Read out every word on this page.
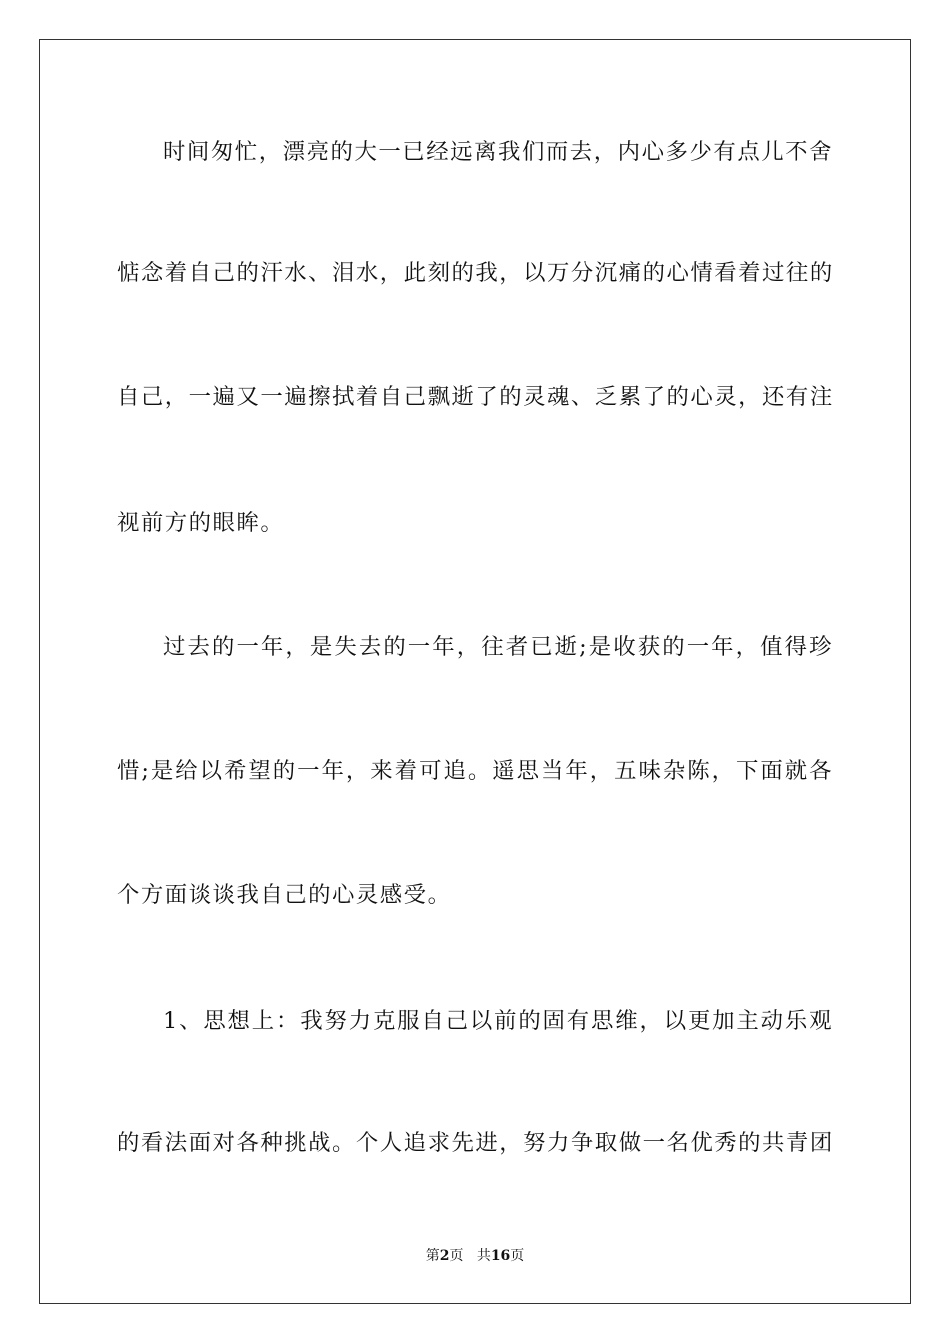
时间匆忙，漂亮的大一已经远离我们而去，内心多少有点儿不舍
惦念着自己的汗水、泪水，此刻的我，以万分沉痛的心情看着过往的
自己，一遍又一遍擦拭着自己飘逝了的灵魂、乏累了的心灵，还有注
视前方的眼眸。
过去的一年，是失去的一年，往者已逝;是收获的一年，值得珍
惜;是给以希望的一年，来着可追。遥思当年，五味杂陈，下面就各
个方面谈谈我自己的心灵感受。
1、思想上：我努力克服自己以前的固有思维，以更加主动乐观
的看法面对各种挑战。个人追求先进，努力争取做一名优秀的共青团
第2页 共16页
